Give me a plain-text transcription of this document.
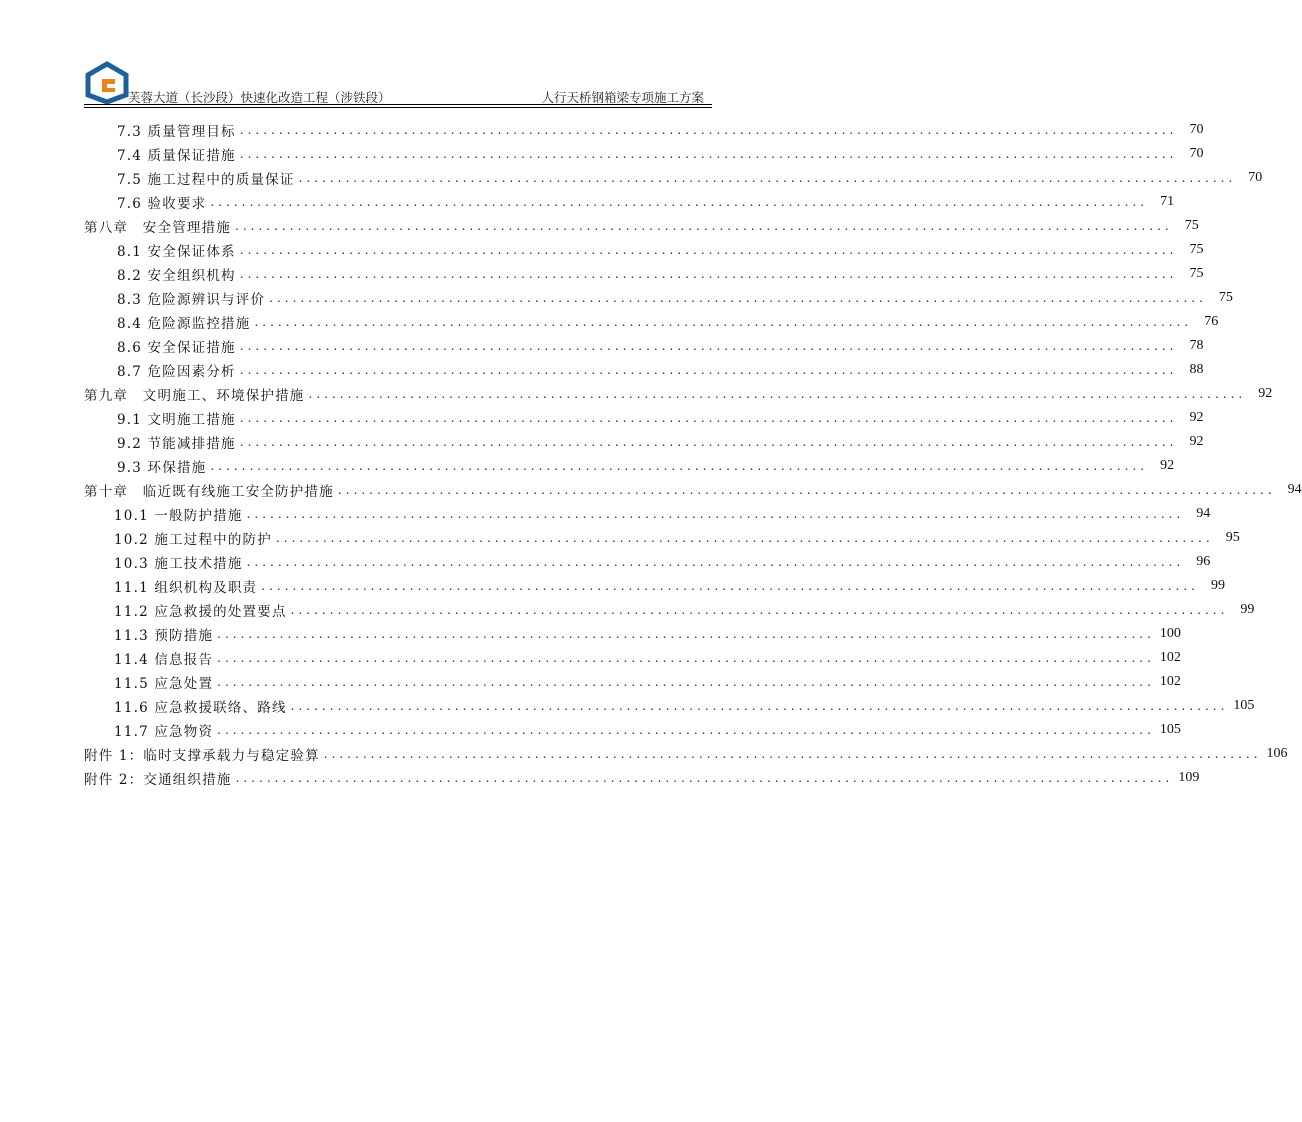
芙蓉大道（长沙段）快速化改造工程（涉铁段）	人行天桥钢箱梁专项施工方案
7.3 质量管理目标 ........................................................................................................................ 70
7.4 质量保证措施 ........................................................................................................................ 70
7.5 施工过程中的质量保证 ........................................................................................................................ 70
7.6 验收要求 ........................................................................................................................ 71
第八章　安全管理措施 ........................................................................................................................ 75
8.1 安全保证体系 ........................................................................................................................ 75
8.2 安全组织机构 ........................................................................................................................ 75
8.3 危险源辨识与评价 ........................................................................................................................ 75
8.4 危险源监控措施 ........................................................................................................................ 76
8.6 安全保证措施 ........................................................................................................................ 78
8.7 危险因素分析 ........................................................................................................................ 88
第九章　文明施工、环境保护措施 ........................................................................................................................ 92
9.1 文明施工措施 ........................................................................................................................ 92
9.2 节能减排措施 ........................................................................................................................ 92
9.3 环保措施 ........................................................................................................................ 92
第十章　临近既有线施工安全防护措施 ........................................................................................................................ 94
10.1 一般防护措施 ........................................................................................................................ 94
10.2 施工过程中的防护 ........................................................................................................................ 95
10.3 施工技术措施 ........................................................................................................................ 96
11.1 组织机构及职责 ........................................................................................................................ 99
11.2 应急救援的处置要点 ........................................................................................................................ 99
11.3 预防措施 ........................................................................................................................ 100
11.4 信息报告 ........................................................................................................................ 102
11.5 应急处置 ........................................................................................................................ 102
11.6 应急救援联络、路线 ........................................................................................................................ 105
11.7 应急物资 ........................................................................................................................ 105
附件 1：临时支撑承载力与稳定验算 ........................................................................................................................ 106
附件 2：交通组织措施 ........................................................................................................................ 109
